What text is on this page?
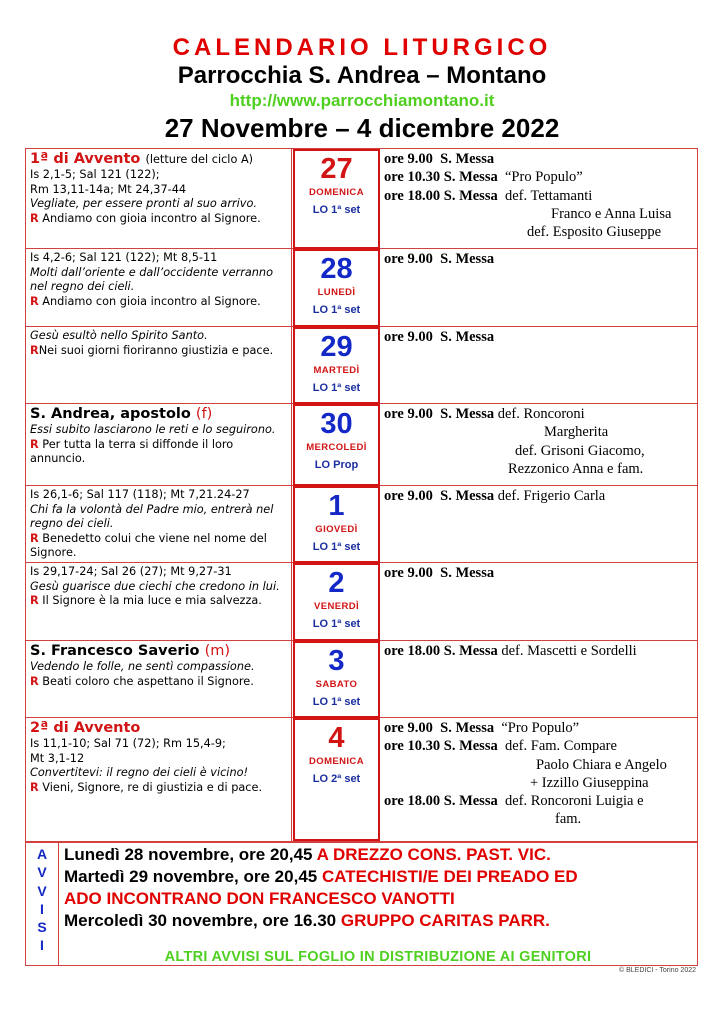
CALENDARIO LITURGICO
Parrocchia S. Andrea – Montano
http://www.parrocchiamontano.it
27 Novembre – 4 dicembre 2022
1ª di Avvento (letture del ciclo A)
Is 2,1-5; Sal 121 (122);
Rm 13,11-14a; Mt 24,37-44
Vegliate, per essere pronti al suo arrivo.
R Andiamo con gioia incontro al Signore.
ore 9.00 S. Messa
ore 10.30 S. Messa “Pro Populo”
ore 18.00 S. Messa def. Tettamanti
Franco e Anna Luisa
def. Esposito Giuseppe
Is 4,2-6; Sal 121 (122); Mt 8,5-11
Molti dall’oriente e dall’occidente verranno nel regno dei cieli.
R Andiamo con gioia incontro al Signore.
ore 9.00 S. Messa
Gesù esultò nello Spirito Santo.
RNei suoi giorni fioriranno giustizia e pace.
ore 9.00 S. Messa
S. Andrea, apostolo (f)
Essi subito lasciarono le reti e lo seguirono.
R Per tutta la terra si diffonde il loro annuncio.
ore 9.00 S. Messa def. Roncoroni
Margherita
def. Grisoni Giacomo,
Rezzonico Anna e fam.
Is 26,1-6; Sal 117 (118); Mt 7,21.24-27
Chi fa la volontà del Padre mio, entrerà nel regno dei cieli.
R Benedetto colui che viene nel nome del Signore.
ore 9.00 S. Messa def. Frigerio Carla
Is 29,17-24; Sal 26 (27); Mt 9,27-31
Gesù guarisce due ciechi che credono in lui.
R Il Signore è la mia luce e mia salvezza.
ore 9.00 S. Messa
S. Francesco Saverio (m)
Vedendo le folle, ne sentì compassione.
R Beati coloro che aspettano il Signore.
ore 18.00 S. Messa def. Mascetti e Sordelli
2ª di Avvento
Is 11,1-10; Sal 71 (72); Rm 15,4-9;
Mt 3,1-12
Convertitevi: il regno dei cieli è vicino!
R Vieni, Signore, re di giustizia e di pace.
ore 9.00 S. Messa “Pro Populo”
ore 10.30 S. Messa def. Fam. Compare
Paolo Chiara e Angelo
+ Izzillo Giuseppina
ore 18.00 S. Messa def. Roncoroni Luigia e
fam.
27
DOMENICA
LO 1ª set
28
LUNEDÌ
LO 1ª set
29
MARTEDÌ
LO 1ª set
30
MERCOLEDÌ
LO Prop
1
GIOVEDÌ
LO 1ª set
2
VENERDÌ
LO 1ª set
3
SABATO
LO 1ª set
4
DOMENICA
LO 2ª set
A
V
V
I
S
I
Lunedì 28 novembre, ore 20,45 A DREZZO CONS. PAST. VIC.
Martedì 29 novembre, ore 20,45 CATECHISTI/E DEI PREADO ED
ADO INCONTRANO DON FRANCESCO VANOTTI
Mercoledì 30 novembre, ore 16.30 GRUPPO CARITAS PARR.
ALTRI AVVISI SUL FOGLIO IN DISTRIBUZIONE AI GENITORI
© BLEDICI - Torino 2022
